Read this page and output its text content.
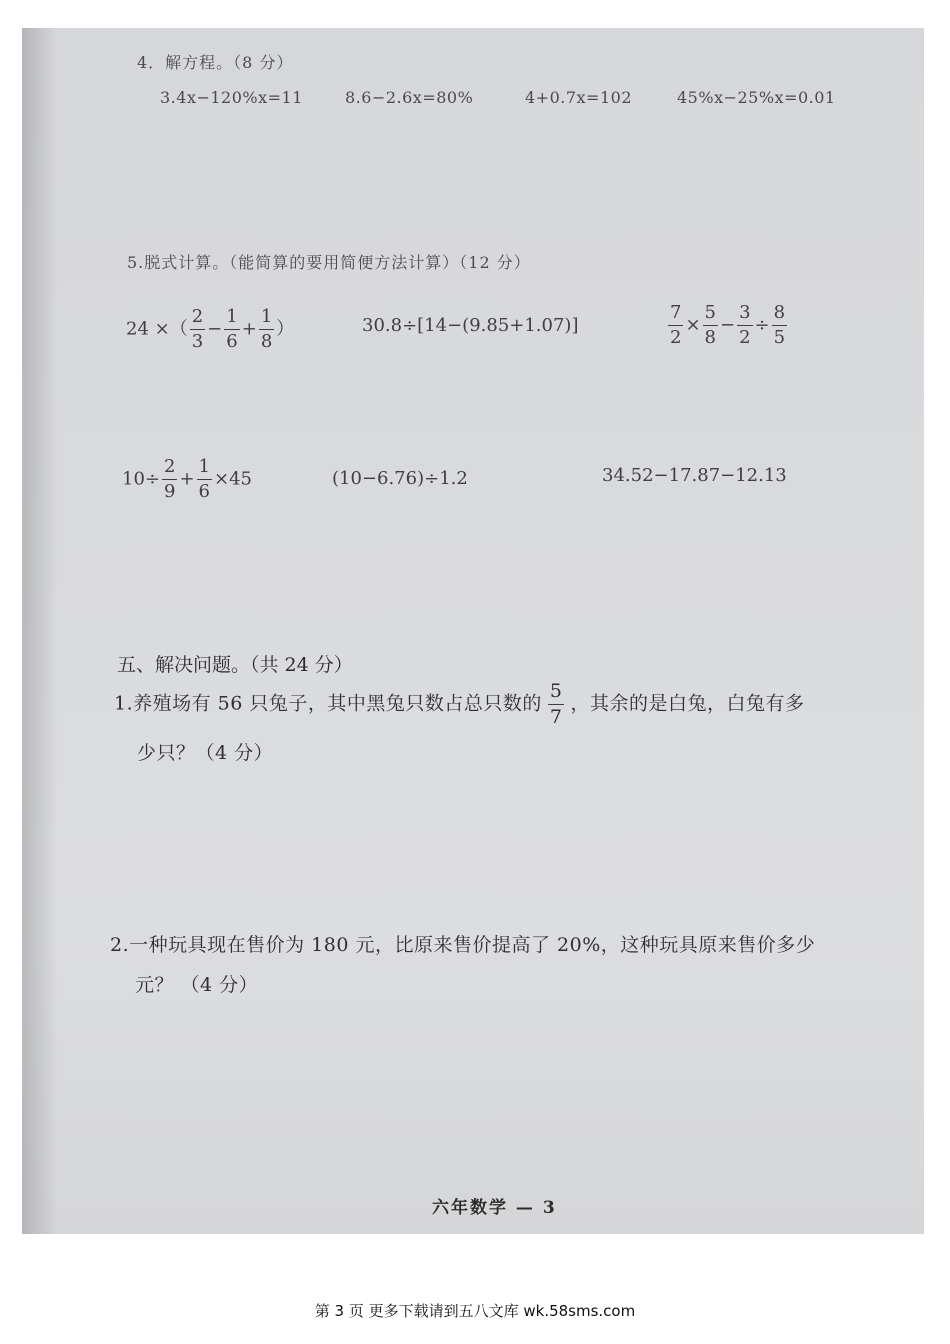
4．解方程。（8 分）
3.4x−120%x=11	8.6−2.6x=80%	4+0.7x=102	45%x−25%x=0.01
5.脱式计算。（能简算的要用简便方法计算）（12 分）
24 ×（ $\frac{2}{3} - \frac{1}{6} + \frac{1}{8}$ ）	30.8÷[14−(9.85+1.07)]	$\frac{7}{2} \times \frac{5}{8} - \frac{3}{2} \div \frac{8}{5}$
$10\div \frac{2}{9} + \frac{1}{6} \times 45$	(10−6.76)÷1.2	34.52−17.87−12.13
五、解决问题。（共 24 分）
1.养殖场有 56 只兔子，其中黑兔只数占总只数的 $\frac{5}{7}$ ，其余的是白兔，白兔有多
少只？（4 分）
2.一种玩具现在售价为 180 元，比原来售价提高了 20%，这种玩具原来售价多少
元？ （4 分）
六年数学 — 3
第 3 页 更多下载请到五八文库 wk.58sms.com
